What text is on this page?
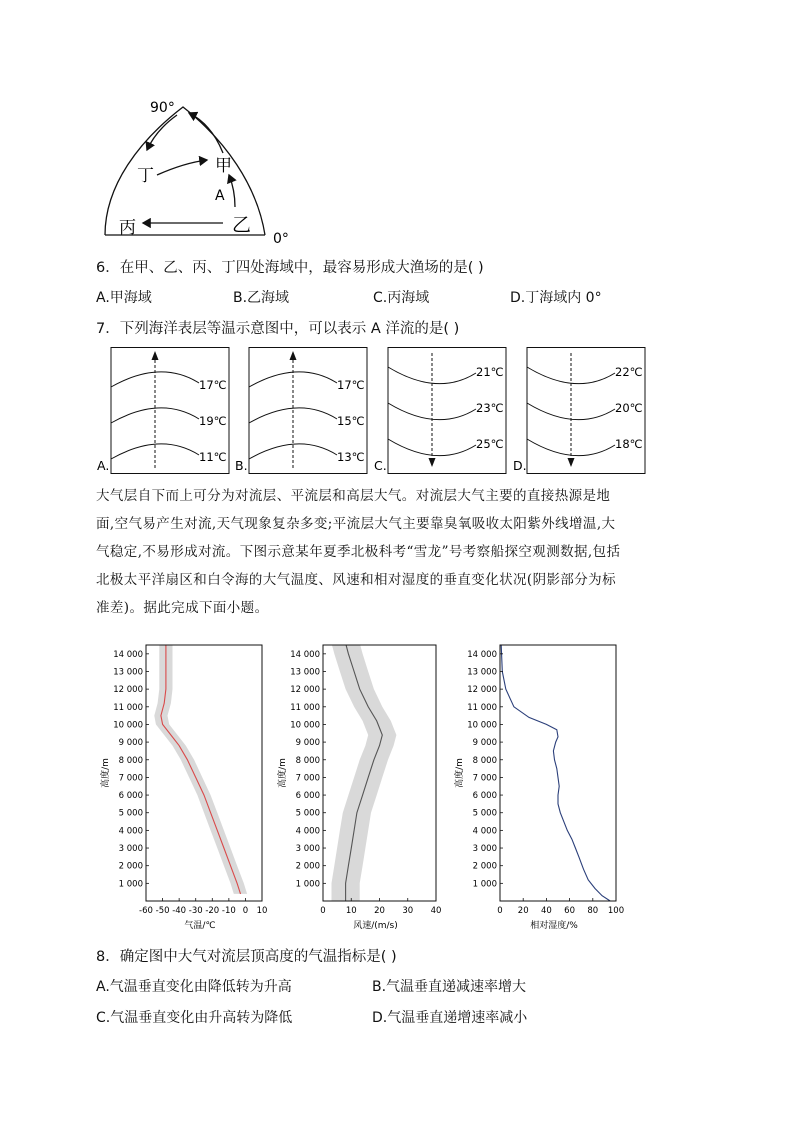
90°
0°
甲
丁
A
乙
丙
6．在甲、乙、丙、丁四处海域中，最容易形成大渔场的是( )
A.甲海域	B.乙海域	C.丙海域	D.丁海域内 0°
7．下列海洋表层等温示意图中，可以表示 A 洋流的是( )
17℃
19℃
11℃
A.
17℃
15℃
13℃
B.
21℃
23℃
25℃
C.
22℃
20℃
18℃
D.
大气层自下而上可分为对流层、平流层和高层大气。对流层大气主要的直接热源是地
面,空气易产生对流,天气现象复杂多变;平流层大气主要靠臭氧吸收太阳紫外线增温,大
气稳定,不易形成对流。下图示意某年夏季北极科考“雪龙”号考察船探空观测数据,包括
北极太平洋扇区和白令海的大气温度、风速和相对湿度的垂直变化状况(阴影部分为标
准差)。据此完成下面小题。
1 000
2 000
3 000
4 000
5 000
6 000
7 000
8 000
9 000
10 000
11 000
12 000
13 000
14 000
-60 -50 -40 -30 -20 -10 0 10
气温/℃
高度/m
1 000
2 000
3 000
4 000
5 000
6 000
7 000
8 000
9 000
10 000
11 000
12 000
13 000
14 000
0 10 20 30 40
风速/(m/s)
高度/m
1 000
2 000
3 000
4 000
5 000
6 000
7 000
8 000
9 000
10 000
11 000
12 000
13 000
14 000
0 20 40 60 80 100
相对湿度/%
高度/m
8．确定图中大气对流层顶高度的气温指标是( )
A.气温垂直变化由降低转为升高	B.气温垂直递减速率增大
C.气温垂直变化由升高转为降低	D.气温垂直递增速率减小
